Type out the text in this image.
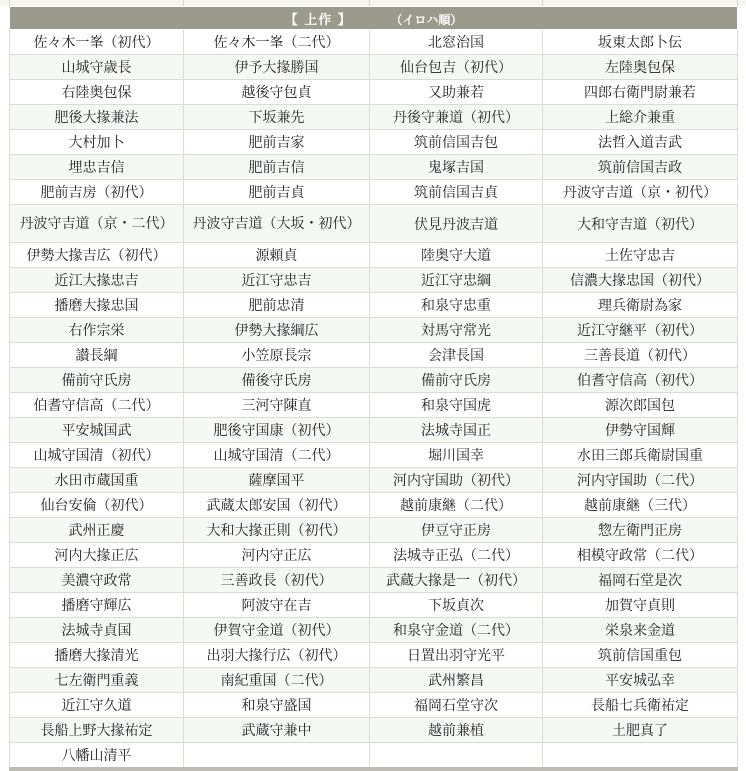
【 上作 】 （イロハ順）			
佐々木一峯（初代）	佐々木一峯（二代）	北窓治国	坂東太郎卜伝
山城守歳長	伊予大掾勝国	仙台包吉（初代）	左陸奥包保
右陸奥包保	越後守包貞	又助兼若	四郎右衛門尉兼若
肥後大掾兼法	下坂兼先	丹後守兼道（初代）	上総介兼重
大村加卜	肥前吉家	筑前信国吉包	法哲入道吉武
埋忠吉信	肥前吉信	鬼塚吉国	筑前信国吉政
肥前吉房（初代）	肥前吉貞	筑前信国吉貞	丹波守吉道（京・初代）
丹波守吉道（京・二代）	丹波守吉道（大坂・初代）	伏見丹波吉道	大和守吉道（初代）
伊勢大掾吉広（初代）	源頼貞	陸奥守大道	土佐守忠吉
近江大掾忠吉	近江守忠吉	近江守忠綱	信濃大掾忠国（初代）
播磨大掾忠国	肥前忠清	和泉守忠重	理兵衛尉為家
右作宗栄	伊勢大掾綱広	対馬守常光	近江守継平（初代）
讃長綱	小笠原長宗	会津長国	三善長道（初代）
備前守氏房	備後守氏房	備前守氏房	伯耆守信高（初代）
伯耆守信高（二代）	三河守陳直	和泉守国虎	源次郎国包
平安城国武	肥後守国康（初代）	法城寺国正	伊勢守国輝
山城守国清（初代）	山城守国清（二代）	堀川国幸	水田三郎兵衛尉国重
水田市蔵国重	薩摩国平	河内守国助（初代）	河内守国助（二代）
仙台安倫（初代）	武蔵太郎安国（初代）	越前康継（二代）	越前康継（三代）
武州正慶	大和大掾正則（初代）	伊豆守正房	惣左衛門正房
河内大掾正広	河内守正広	法城寺正弘（二代）	相模守政常（二代）
美濃守政常	三善政長（初代）	武蔵大掾是一（初代）	福岡石堂是次
播磨守輝広	阿波守在吉	下坂貞次	加賀守貞則
法城寺貞国	伊賀守金道（初代）	和泉守金道（二代）	栄泉来金道
播磨大掾清光	出羽大掾行広（初代）	日置出羽守光平	筑前信国重包
七左衛門重義	南紀重国（二代）	武州繁昌	平安城弘幸
近江守久道	和泉守盛国	福岡石堂守次	長船七兵衛祐定
長船上野大掾祐定	武蔵守兼中	越前兼植	土肥真了
八幡山清平			
